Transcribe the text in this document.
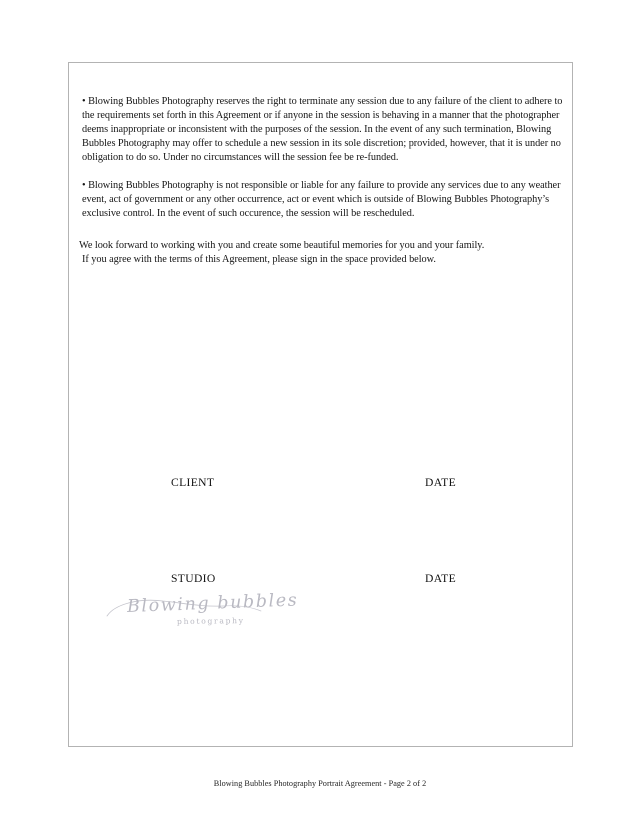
• Blowing Bubbles Photography reserves the right to terminate any session due to any failure of the client to adhere to the requirements set forth in this Agreement or if anyone in the session is behaving in a manner that the photographer deems inappropriate or inconsistent with the purposes of the session. In the event of any such termination, Blowing Bubbles Photography may offer to schedule a new session in its sole discretion; provided, however, that it is under no obligation to do so. Under no circumstances will the session fee be re-funded.

• Blowing Bubbles Photography is not responsible or liable for any failure to provide any services due to any weather event, act of government or any other occurrence, act or event which is outside of Blowing Bubbles Photography’s exclusive control. In the event of such occurence, the session will be rescheduled.

We look forward to working with you and create some beautiful memories for you and your family.
If you agree with the terms of this Agreement, please sign in the space provided below.
CLIENT	DATE
STUDIO	DATE
Blowing bubbles
photography
Blowing Bubbles Photography Portrait Agreement - Page 2 of 2
